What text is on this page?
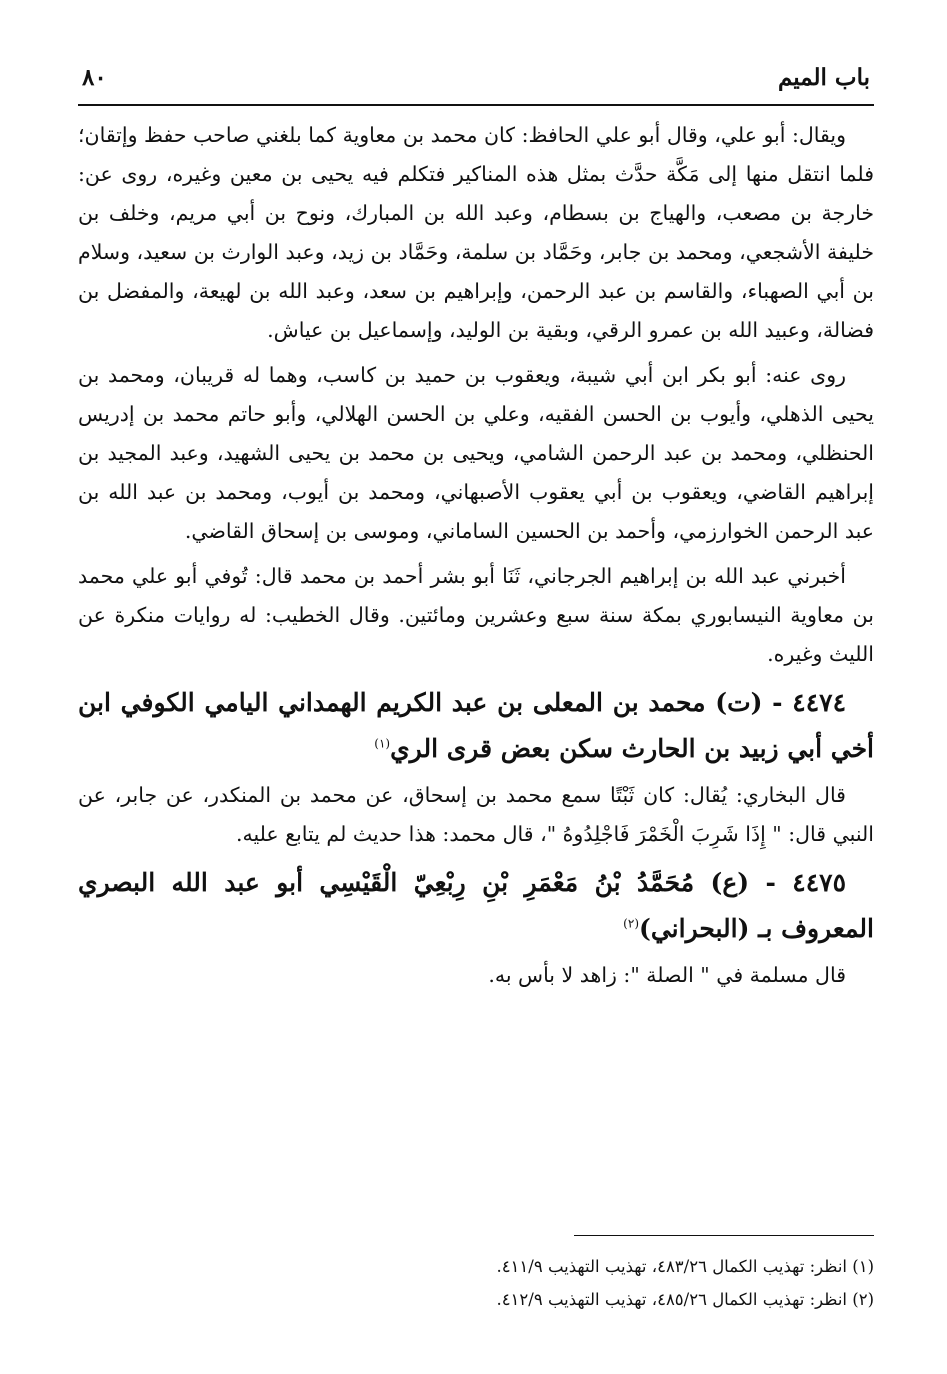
باب الميم
٨٠

ويقال: أبو علي، وقال أبو علي الحافظ: كان محمد بن معاوية كما بلغني صاحب حفظ وإتقان؛ فلما انتقل منها إلى مَكَّة حدَّث بمثل هذه المناكير فتكلم فيه يحيى بن معين وغيره، روى عن: خارجة بن مصعب، والهياج بن بسطام، وعبد الله بن المبارك، ونوح بن أبي مريم، وخلف بن خليفة الأشجعي، ومحمد بن جابر، وحَمَّاد بن سلمة، وحَمَّاد بن زيد، وعبد الوارث بن سعيد، وسلام بن أبي الصهباء، والقاسم بن عبد الرحمن، وإبراهيم بن سعد، وعبد الله بن لهيعة، والمفضل بن فضالة، وعبيد الله بن عمرو الرقي، وبقية بن الوليد، وإسماعيل بن عياش.

روى عنه: أبو بكر ابن أبي شيبة، ويعقوب بن حميد بن كاسب، وهما له قريبان، ومحمد بن يحيى الذهلي، وأيوب بن الحسن الفقيه، وعلي بن الحسن الهلالي، وأبو حاتم محمد بن إدريس الحنظلي، ومحمد بن عبد الرحمن الشامي، ويحيى بن محمد بن يحيى الشهيد، وعبد المجيد بن إبراهيم القاضي، ويعقوب بن أبي يعقوب الأصبهاني، ومحمد بن أيوب، ومحمد بن عبد الله بن عبد الرحمن الخوارزمي، وأحمد بن الحسين الساماني، وموسى بن إسحاق القاضي.

أخبرني عبد الله بن إبراهيم الجرجاني، ثَنَا أبو بشر أحمد بن محمد قال: تُوفي أبو علي محمد بن معاوية النيسابوري بمكة سنة سبع وعشرين ومائتين. وقال الخطيب: له روايات منكرة عن الليث وغيره.

٤٤٧٤ - (ت) محمد بن المعلى بن عبد الكريم الهمداني اليامي الكوفي ابن أخي أبي زبيد بن الحارث سكن بعض قرى الري$^{(١)}$

قال البخاري: يُقال: كان ثَبْتًا سمع محمد بن إسحاق، عن محمد بن المنكدر، عن جابر، عن النبي قال: " إِذَا شَرِبَ الْخَمْرَ فَاجْلِدُوهُ "، قال محمد: هذا حديث لم يتابع عليه.

٤٤٧٥ - (ع) مُحَمَّدُ بْنُ مَعْمَرِ بْنِ رِبْعِيّ الْقَيْسِي أبو عبد الله البصري المعروف بـ (البحراني)$^{(٢)}$

قال مسلمة في " الصلة ": زاهد لا بأس به.

(١) انظر: تهذيب الكمال ٤٨٣/٢٦، تهذيب التهذيب ٤١١/٩.

(٢) انظر: تهذيب الكمال ٤٨٥/٢٦، تهذيب التهذيب ٤١٢/٩.
